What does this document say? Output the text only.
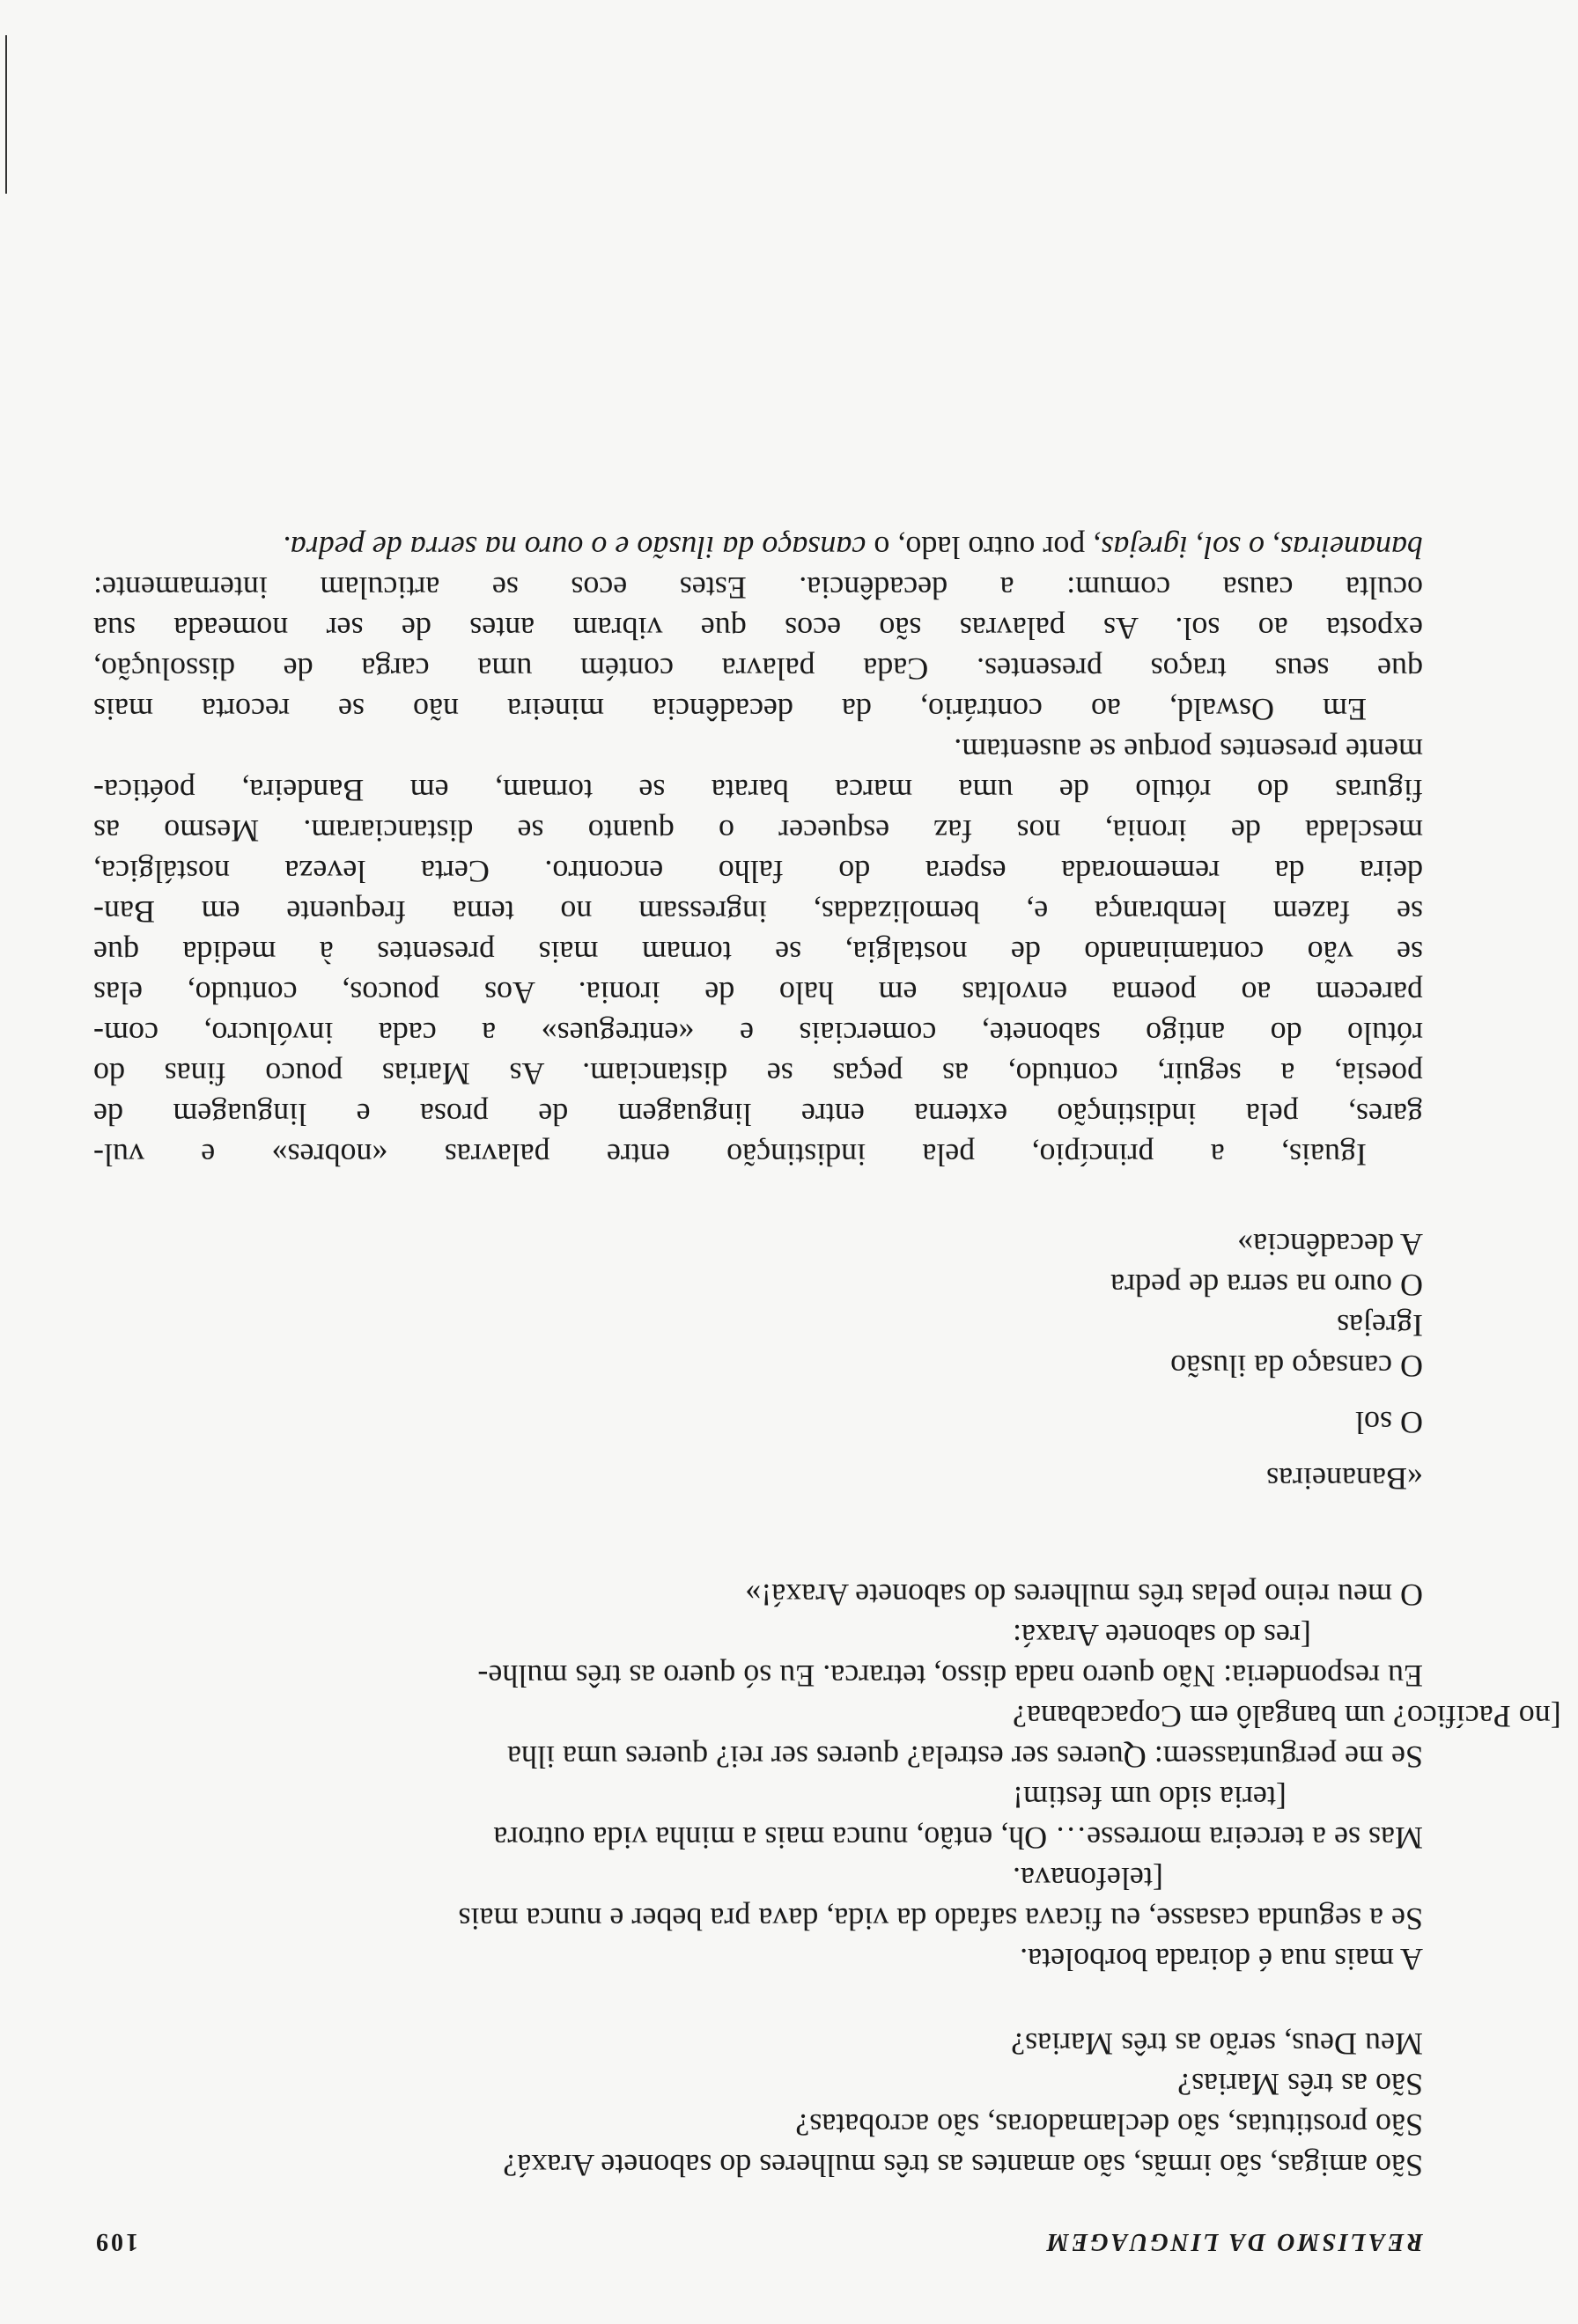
REALISMO DA LINGUAGEM
109
São amigas, são irmãs, são amantes as três mulheres do sabonete Araxá?
São prostitutas, são declamadoras, são acrobatas?
São as três Marias?
Meu Deus, serão as três Marias?
A mais nua é doirada borboleta.
Se a segunda casasse, eu ficava safado da vida, dava pra beber e nunca mais
[telefonava.
Mas se a terceira morresse… Oh, então, nunca mais a minha vida outrora
[teria sido um festim!
Se me perguntassem: Queres ser estrela? queres ser rei? queres uma ilha
[no Pacífico? um bangalô em Copacabana?
Eu responderia: Não quero nada disso, tetrarca. Eu só quero as três mulhe-
[res do sabonete Araxá:
O meu reino pelas três mulheres do sabonete Araxá!»
«Bananeiras
O sol
O cansaço da ilusão
Igrejas
O ouro na serra de pedra
A decadência»
Iguais, a princípio, pela indistinção entre palavras «nobres» e vul-
gares, pela indistinção externa entre linguagem de prosa e linguagem de
poesia, a seguir, contudo, as peças se distanciam. As Marias pouco finas do
rótulo do antigo sabonete, comerciais e «entregues» a cada invólucro, com-
parecem ao poema envoltas em halo de ironia. Aos poucos, contudo, elas
se vão contaminando de nostalgia, se tornam mais presentes à medida que
se fazem lembrança e, bemolizadas, ingressam no tema frequente em Ban-
deira da rememorada espera do falho encontro. Certa leveza nostálgica,
mesclada de ironia, nos faz esquecer o quanto se distanciaram. Mesmo as
figuras do rótulo de uma marca barata se tornam, em Bandeira, poética-
mente presentes porque se ausentam.
Em Oswald, ao contrário, da decadência mineira não se recorta mais
que seus traços presentes. Cada palavra contém uma carga de dissolução,
exposta ao sol. As palavras são ecos que vibram antes de ser nomeada sua
oculta causa comum: a decadência. Estes ecos se articulam internamente:
bananeiras, o sol, igrejas, por outro lado, o cansaço da ilusão e o ouro na serra de pedra.
